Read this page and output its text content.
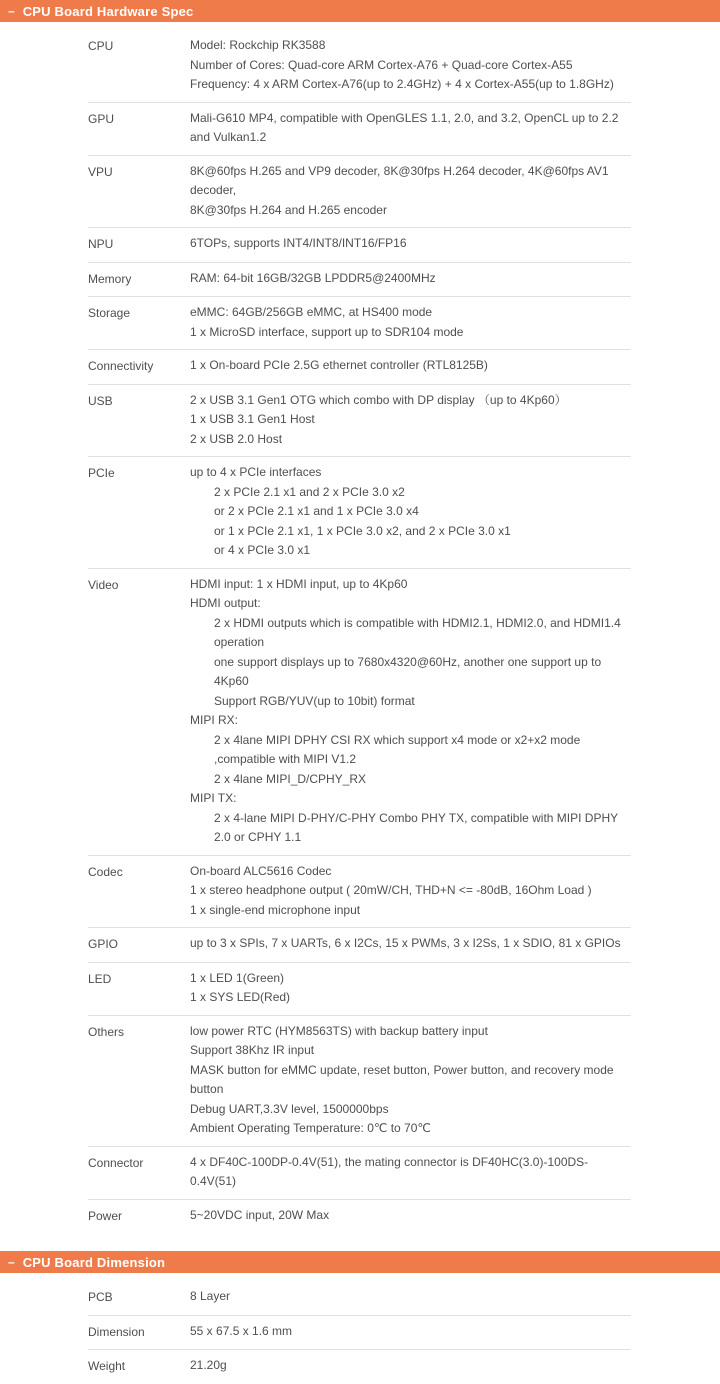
– CPU Board Hardware Spec
CPU	Model: Rockchip RK3588
Number of Cores: Quad-core ARM Cortex-A76 + Quad-core Cortex-A55
Frequency: 4 x ARM Cortex-A76(up to 2.4GHz) + 4 x Cortex-A55(up to 1.8GHz)
GPU	Mali-G610 MP4, compatible with OpenGLES 1.1, 2.0, and 3.2, OpenCL up to 2.2 and Vulkan1.2
VPU	8K@60fps H.265 and VP9 decoder, 8K@30fps H.264 decoder, 4K@60fps AV1 decoder,
8K@30fps H.264 and H.265 encoder
NPU	6TOPs, supports INT4/INT8/INT16/FP16
Memory	RAM: 64-bit 16GB/32GB LPDDR5@2400MHz
Storage	eMMC: 64GB/256GB eMMC, at HS400 mode
1 x MicroSD interface, support up to SDR104 mode
Connectivity	1 x On-board PCIe 2.5G ethernet controller (RTL8125B)
USB	2 x USB 3.1 Gen1 OTG which combo with DP display （up to 4Kp60）
1 x USB 3.1 Gen1 Host
2 x USB 2.0 Host
PCIe	up to 4 x PCIe interfaces
2 x PCIe 2.1 x1 and 2 x PCIe 3.0 x2
or 2 x PCIe 2.1 x1 and 1 x PCIe 3.0 x4
or 1 x PCIe 2.1 x1, 1 x PCIe 3.0 x2, and 2 x PCIe 3.0 x1
or 4 x PCIe 3.0 x1
Video	HDMI input: 1 x HDMI input, up to 4Kp60
HDMI output:
2 x HDMI outputs which is compatible with HDMI2.1, HDMI2.0, and HDMI1.4 operation
one support displays up to 7680x4320@60Hz, another one support up to 4Kp60
Support RGB/YUV(up to 10bit) format
MIPI RX:
2 x 4lane MIPI DPHY CSI RX which support x4 mode or x2+x2 mode ,compatible with MIPI V1.2
2 x 4lane MIPI_D/CPHY_RX
MIPI TX:
2 x 4-lane MIPI D-PHY/C-PHY Combo PHY TX, compatible with MIPI DPHY 2.0 or CPHY 1.1
Codec	On-board ALC5616 Codec
1 x stereo headphone output ( 20mW/CH, THD+N <= -80dB, 16Ohm Load )
1 x single-end microphone input
GPIO	up to 3 x SPIs, 7 x UARTs, 6 x I2Cs, 15 x PWMs, 3 x I2Ss, 1 x SDIO, 81 x GPIOs
LED	1 x LED 1(Green)
1 x SYS LED(Red)
Others	low power RTC (HYM8563TS) with backup battery input
Support 38Khz IR input
MASK button for eMMC update, reset button, Power button, and recovery mode button
Debug UART,3.3V level, 1500000bps
Ambient Operating Temperature: 0℃ to 70℃
Connector	4 x DF40C-100DP-0.4V(51), the mating connector is DF40HC(3.0)-100DS-0.4V(51)
Power	5~20VDC input, 20W Max
– CPU Board Dimension
PCB	8 Layer
Dimension	55 x 67.5 x 1.6 mm
Weight	21.20g
